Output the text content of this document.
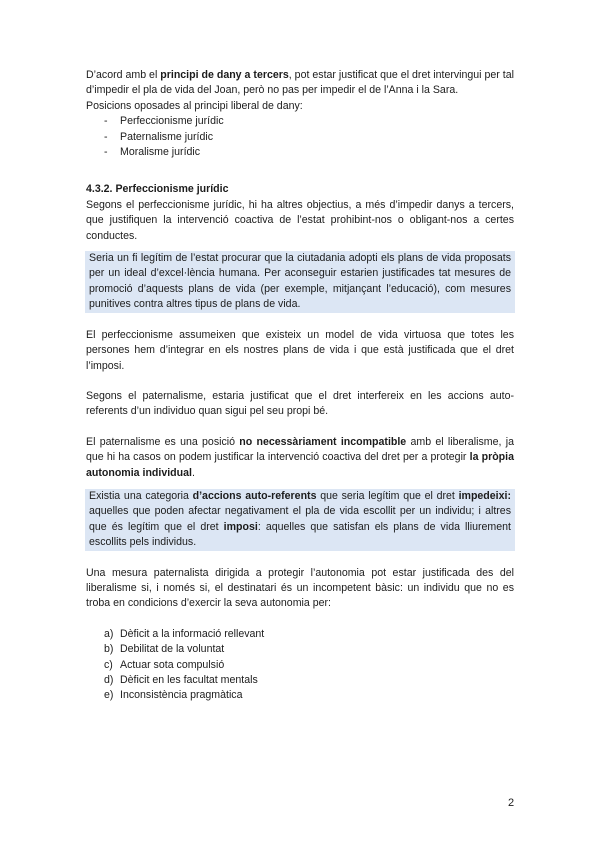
D’acord amb el principi de dany a tercers, pot estar justificat que el dret intervingui per tal d’impedir el pla de vida del Joan, però no pas per impedir el de l’Anna i la Sara.

Posicions oposades al principi liberal de dany:

- Perfeccionisme jurídic
- Paternalisme jurídic
- Moralisme jurídic

4.3.2. Perfeccionisme jurídic

Segons el perfeccionisme jurídic, hi ha altres objectius, a més d’impedir danys a tercers, que justifiquen la intervenció coactiva de l’estat prohibint-nos o obligant-nos a certes conductes.

Seria un fi legítim de l’estat procurar que la ciutadania adopti els plans de vida proposats per un ideal d’excel·lència humana. Per aconseguir estarien justificades tat mesures de promoció d’aquests plans de vida (per exemple, mitjançant l’educació), com mesures punitives contra altres tipus de plans de vida.

El perfeccionisme assumeixen que existeix un model de vida virtuosa que totes les persones hem d’integrar en els nostres plans de vida i que està justificada que el dret l’imposi.

Segons el paternalisme, estaria justificat que el dret interfereix en les accions auto-referents d’un individuo quan sigui pel seu propi bé.

El paternalisme es una posició no necessàriament incompatible amb el liberalisme, ja que hi ha casos on podem justificar la intervenció coactiva del dret per a protegir la pròpia autonomia individual.

Existia una categoria d’accions auto-referents que seria legítim que el dret impedeixi: aquelles que poden afectar negativament el pla de vida escollit per un individu; i altres que és legítim que el dret imposi: aquelles que satisfan els plans de vida lliurement escollits pels individus.

Una mesura paternalista dirigida a protegir l’autonomia pot estar justificada des del liberalisme si, i només si, el destinatari és un incompetent bàsic: un individu que no es troba en condicions d’exercir la seva autonomia per:

a) Dèficit a la informació rellevant
b) Debilitat de la voluntat
c) Actuar sota compulsió
d) Dèficit en les facultat mentals
e) Inconsistència pragmàtica
2
